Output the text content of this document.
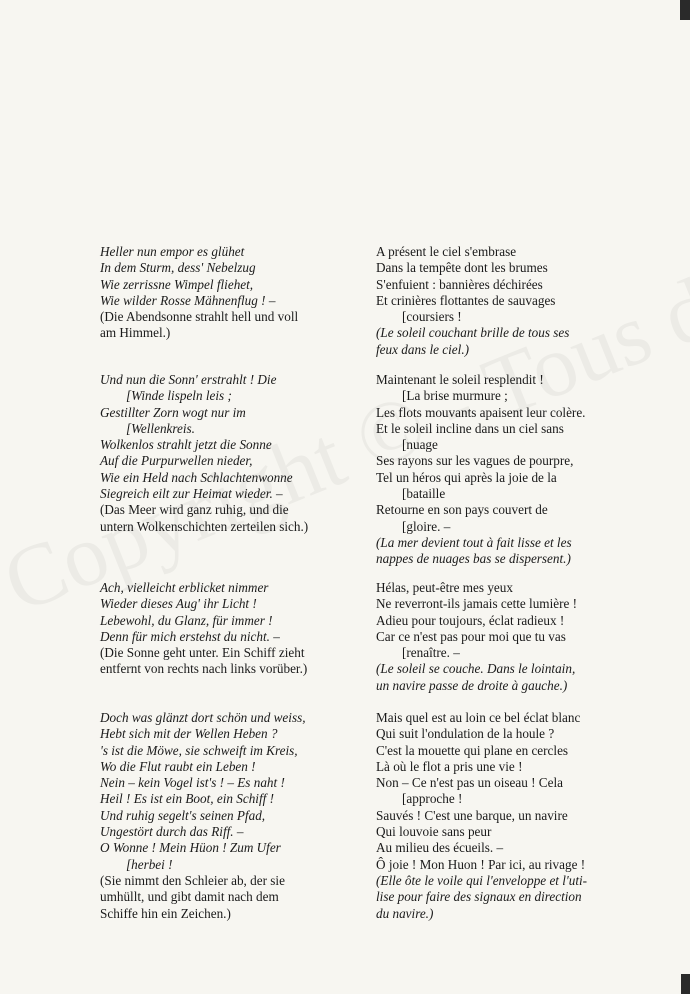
Heller nun empor es glühet
In dem Sturm, dess' Nebelzug
Wie zerrissne Wimpel fliehet,
Wie wilder Rosse Mähnenflug ! –
(Die Abendsonne strahlt hell und voll
am Himmel.)
Und nun die Sonn' erstrahlt ! Die
[Winde lispeln leis ;
Gestillter Zorn wogt nur im
[Wellenkreis.
Wolkenlos strahlt jetzt die Sonne
Auf die Purpurwellen nieder,
Wie ein Held nach Schlachtenwonne
Siegreich eilt zur Heimat wieder. –
(Das Meer wird ganz ruhig, und die
untern Wolkenschichten zerteilen sich.)
Ach, vielleicht erblicket nimmer
Wieder dieses Aug' ihr Licht !
Lebewohl, du Glanz, für immer !
Denn für mich erstehst du nicht. –
(Die Sonne geht unter. Ein Schiff zieht
entfernt von rechts nach links vorüber.)
Doch was glänzt dort schön und weiss,
Hebt sich mit der Wellen Heben ?
's ist die Möwe, sie schweift im Kreis,
Wo die Flut raubt ein Leben !
Nein – kein Vogel ist's ! – Es naht !
Heil ! Es ist ein Boot, ein Schiff !
Und ruhig segelt's seinen Pfad,
Ungestört durch das Riff. –
O Wonne ! Mein Hüon ! Zum Ufer
[herbei !
(Sie nimmt den Schleier ab, der sie
umhüllt, und gibt damit nach dem
Schiffe hin ein Zeichen.)
A présent le ciel s'embrase
Dans la tempête dont les brumes
S'enfuient : bannières déchirées
Et crinières flottantes de sauvages
[coursiers !
(Le soleil couchant brille de tous ses
feux dans le ciel.)
Maintenant le soleil resplendit !
[La brise murmure ;
Les flots mouvants apaisent leur colère.
Et le soleil incline dans un ciel sans
[nuage
Ses rayons sur les vagues de pourpre,
Tel un héros qui après la joie de la
[bataille
Retourne en son pays couvert de
[gloire. –
(La mer devient tout à fait lisse et les
nappes de nuages bas se dispersent.)
Hélas, peut-être mes yeux
Ne reverront-ils jamais cette lumière !
Adieu pour toujours, éclat radieux !
Car ce n'est pas pour moi que tu vas
[renaître. –
(Le soleil se couche. Dans le lointain,
un navire passe de droite à gauche.)
Mais quel est au loin ce bel éclat blanc
Qui suit l'ondulation de la houle ?
C'est la mouette qui plane en cercles
Là où le flot a pris une vie !
Non – Ce n'est pas un oiseau ! Cela
[approche !
Sauvés ! C'est une barque, un navire
Qui louvoie sans peur
Au milieu des écueils. –
Ô joie ! Mon Huon ! Par ici, au rivage !
(Elle ôte le voile qui l'enveloppe et l'uti-
lise pour faire des signaux en direction
du navire.)
